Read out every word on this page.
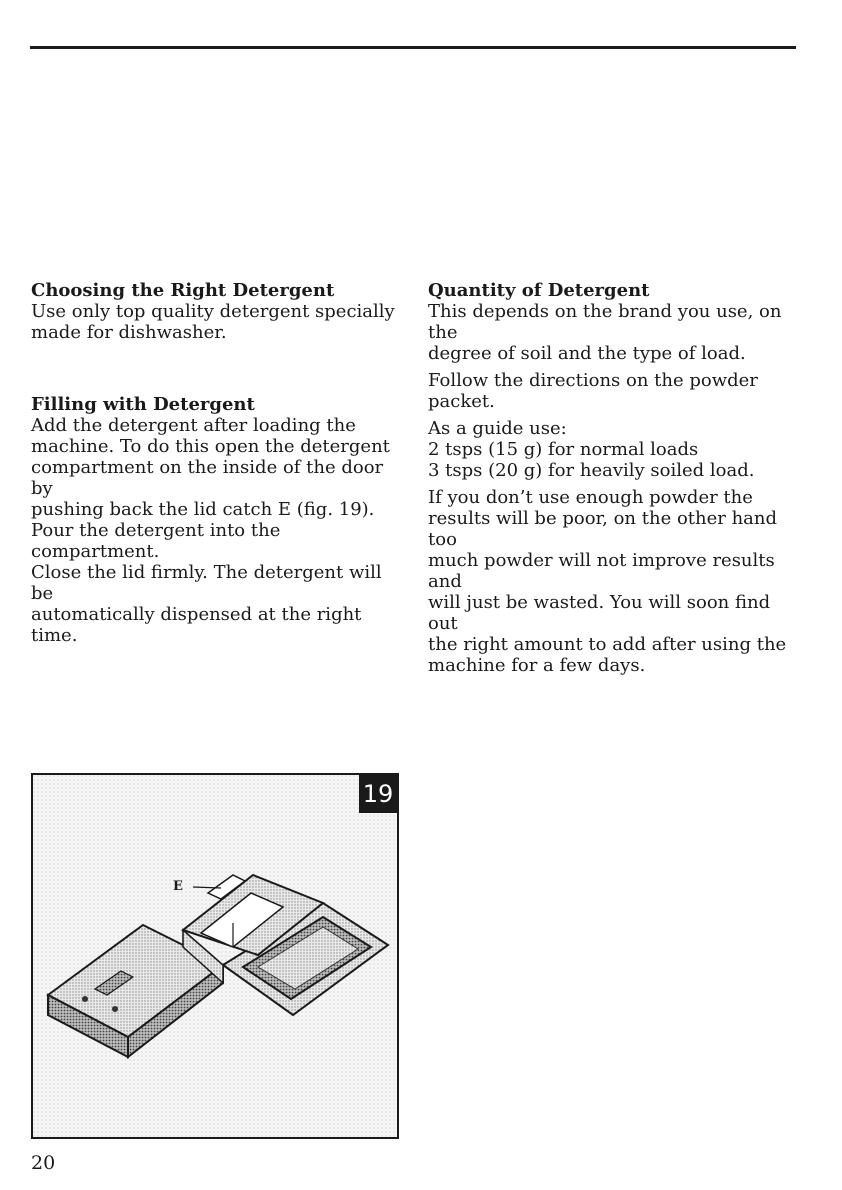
Choosing the Right Detergent

Use only top quality detergent specially
made for dishwasher.

Filling with Detergent

Add the detergent after loading the
machine. To do this open the detergent
compartment on the inside of the door by
pushing back the lid catch E (fig. 19).
Pour the detergent into the compartment.
Close the lid firmly. The detergent will be
automatically dispensed at the right time.

Quantity of Detergent

This depends on the brand you use, on the
degree of soil and the type of load.

Follow the directions on the powder
packet.

As a guide use:
2 tsps (15 g) for normal loads
3 tsps (20 g) for heavily soiled load.

If you don’t use enough powder the
results will be poor, on the other hand too
much powder will not improve results and
will just be wasted. You will soon find out
the right amount to add after using the
machine for a few days.

E
19
20
